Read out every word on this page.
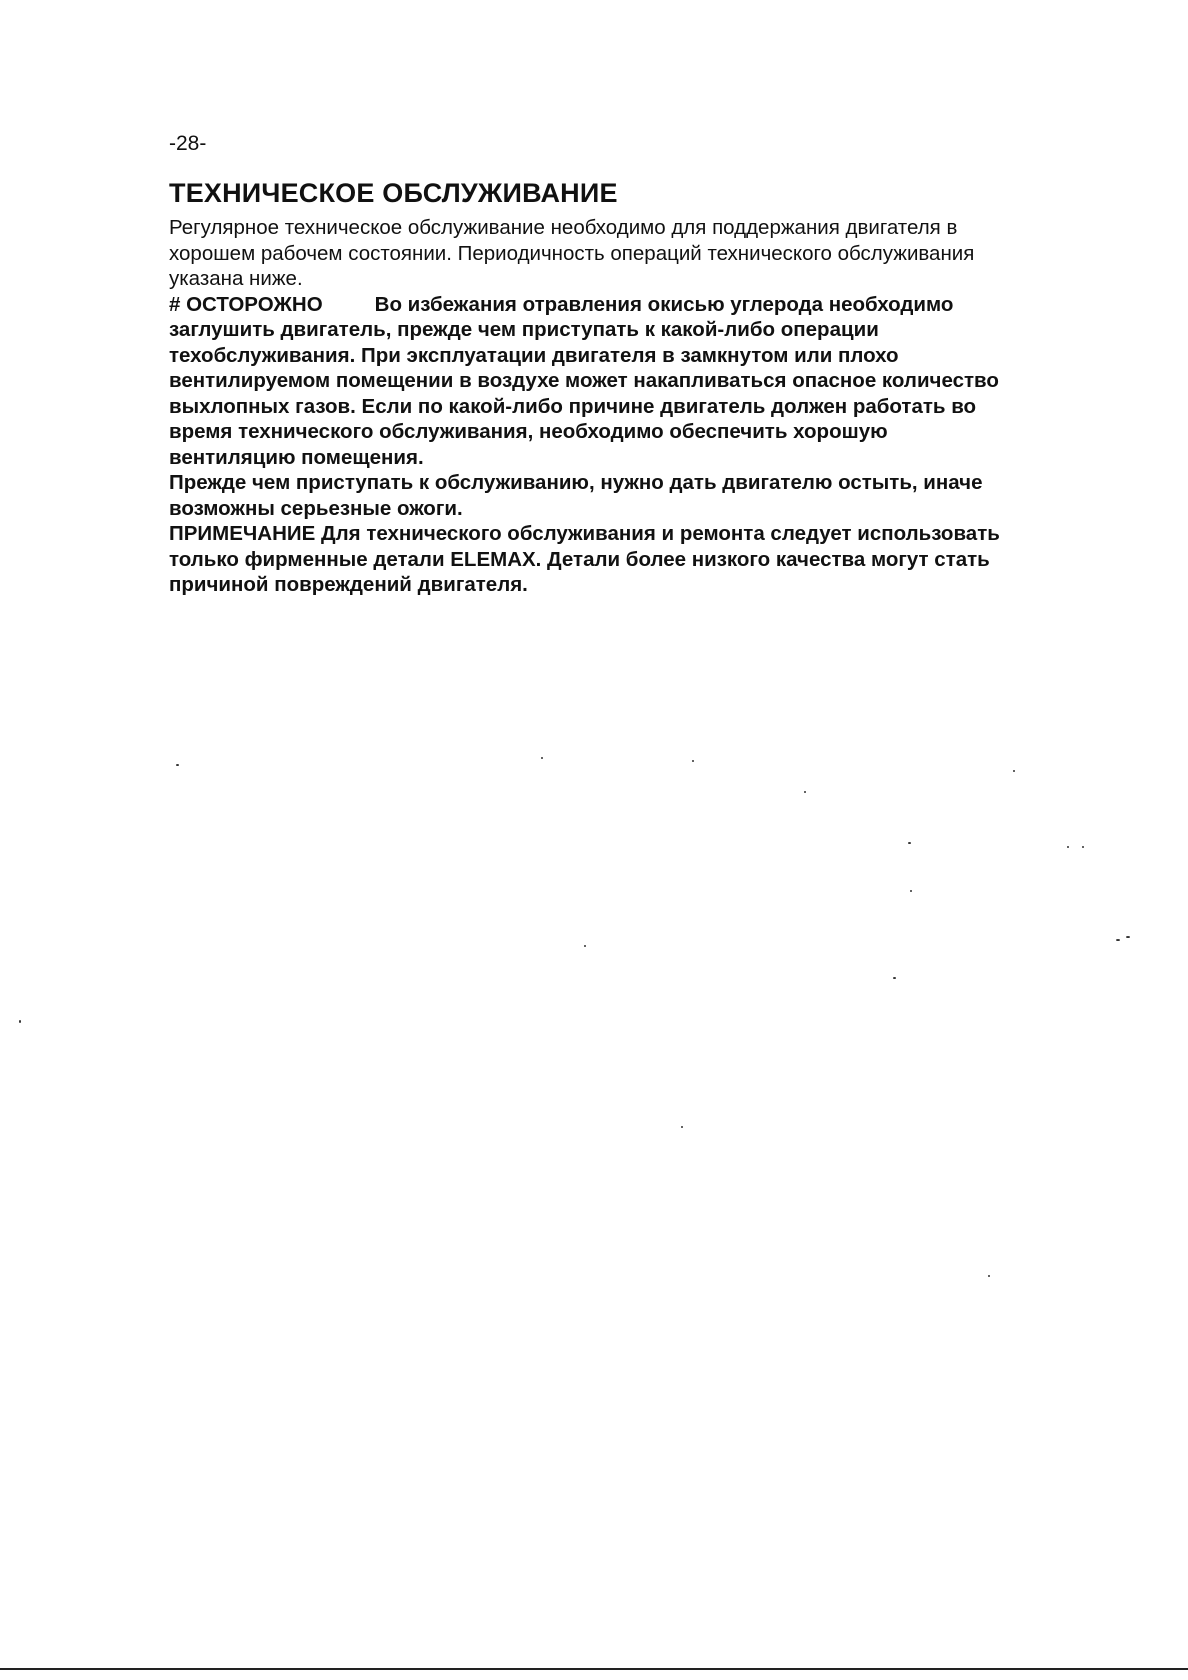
-28-
ТЕХНИЧЕСКОЕ ОБСЛУЖИВАНИЕ

Регулярное техническое обслуживание необходимо для поддержания двигателя в хорошем рабочем состоянии. Периодичность операций технического обслуживания указана ниже.

# ОСТОРОЖНО	Во избежания отравления окисью углерода необходимо заглушить двигатель, прежде чем приступать к какой-либо операции техобслуживания. При эксплуатации двигателя в замкнутом или плохо вентилируемом помещении в воздухе может накапливаться опасное количество выхлопных газов. Если по какой-либо причине двигатель должен работать во время технического обслуживания, необходимо обеспечить хорошую вентиляцию помещения.

Прежде чем приступать к обслуживанию, нужно дать двигателю остыть, иначе возможны серьезные ожоги.

ПРИМЕЧАНИЕ Для технического обслуживания и ремонта следует использовать только фирменные детали ELEMAX. Детали более низкого качества могут стать причиной повреждений двигателя.
